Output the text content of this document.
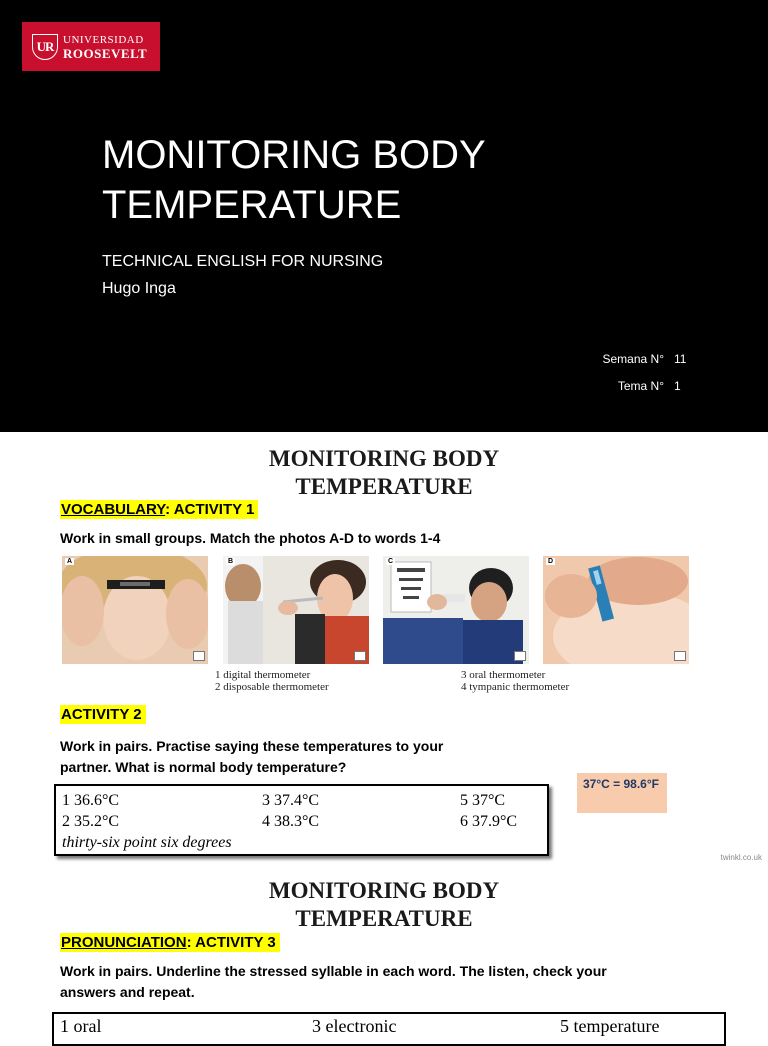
UR UNIVERSIDAD
ROOSEVELT
MONITORING BODY
TEMPERATURE
TECHNICAL ENGLISH FOR NURSING
Hugo Inga
Semana N° 11
Tema N° 1
MONITORING BODY
TEMPERATURE
VOCABULARY: ACTIVITY 1
Work in small groups. Match the photos A-D to words 1-4
A	B	C	D
1 digital thermometer
2 disposable thermometer
3 oral thermometer
4 tympanic thermometer
ACTIVITY 2
Work in pairs. Practise saying these temperatures to your
partner. What is normal body temperature?
1 36.6°C	3 37.4°C	5 37°C
2 35.2°C	4 38.3°C	6 37.9°C
thirty-six point six degrees
37°C = 98.6°F
twinkl.co.uk
MONITORING BODY
TEMPERATURE
PRONUNCIATION: ACTIVITY 3
Work in pairs. Underline the stressed syllable in each word. The listen, check your
answers and repeat.
1 oral	3 electronic	5 temperature
